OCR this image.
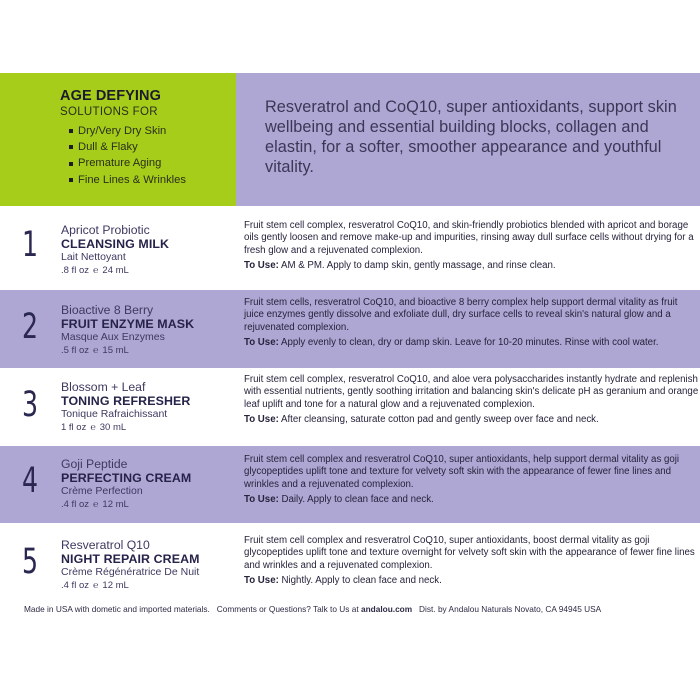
AGE DEFYING
SOLUTIONS FOR
Dry/Very Dry Skin
Dull & Flaky
Premature Aging
Fine Lines & Wrinkles
Resveratrol and CoQ10, super antioxidants, support skin wellbeing and essential building blocks, collagen and elastin, for a softer, smoother appearance and youthful vitality.
1 Apricot Probiotic
CLEANSING MILK
Lait Nettoyant
.8 fl oz ℮ 24 mL
Fruit stem cell complex, resveratrol CoQ10, and skin-friendly probiotics blended with apricot and borage oils gently loosen and remove make-up and impurities, rinsing away dull surface cells without drying for a fresh glow and a rejuvenated complexion.
To Use: AM & PM. Apply to damp skin, gently massage, and rinse clean.
2 Bioactive 8 Berry
FRUIT ENZYME MASK
Masque Aux Enzymes
.5 fl oz ℮ 15 mL
Fruit stem cells, resveratrol CoQ10, and bioactive 8 berry complex help support dermal vitality as fruit juice enzymes gently dissolve and exfoliate dull, dry surface cells to reveal skin's natural glow and a rejuvenated complexion.
To Use: Apply evenly to clean, dry or damp skin. Leave for 10-20 minutes. Rinse with cool water.
3 Blossom + Leaf
TONING REFRESHER
Tonique Rafraichissant
1 fl oz ℮ 30 mL
Fruit stem cell complex, resveratrol CoQ10, and aloe vera polysaccharides instantly hydrate and replenish with essential nutrients, gently soothing irritation and balancing skin's delicate pH as geranium and orange leaf uplift and tone for a natural glow and a rejuvenated complexion.
To Use: After cleansing, saturate cotton pad and gently sweep over face and neck.
4 Goji Peptide
PERFECTING CREAM
Crème Perfection
.4 fl oz ℮ 12 mL
Fruit stem cell complex and resveratrol CoQ10, super antioxidants, help support dermal vitality as goji glycopeptides uplift tone and texture for velvety soft skin with the appearance of fewer fine lines and wrinkles and a rejuvenated complexion.
To Use: Daily. Apply to clean face and neck.
5 Resveratrol Q10
NIGHT REPAIR CREAM
Crème Régénératrice De Nuit
.4 fl oz ℮ 12 mL
Fruit stem cell complex and resveratrol CoQ10, super antioxidants, boost dermal vitality as goji glycopeptides uplift tone and texture overnight for velvety soft skin with the appearance of fewer fine lines and wrinkles and a rejuvenated complexion.
To Use: Nightly. Apply to clean face and neck.
Made in USA with dometic and imported materials. Comments or Questions? Talk to Us at andalou.com Dist. by Andalou Naturals Novato, CA 94945 USA
